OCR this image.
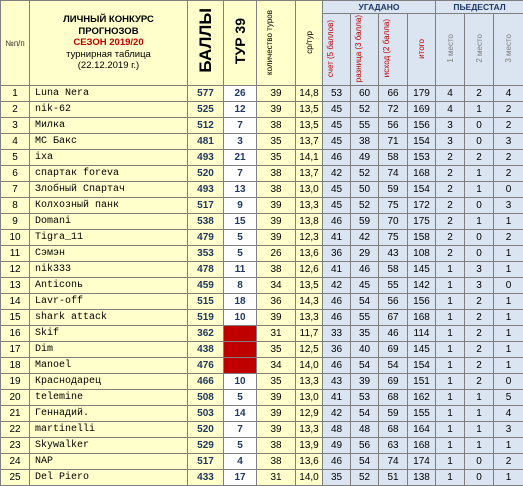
№п/п	ЛИЧНЫЙ КОНКУРС
ПРОГНОЗОВ
СЕЗОН 2019/20
турнирная таблица
(22.12.2019 г.)	БАЛЛЫ	ТУР 39	количество туров	ср/тур	УГАДАНО				ПЬЕДЕСТАЛ		
						счет (5 баллов)	разница (3 балла)	исход (2 балла)	итого	1 место	2 место	3 место
1	Luna Nera	577	26	39	14,8	53	60	66	179	4	2	4
2	nik-62	525	12	39	13,5	45	52	72	169	4	1	2
3	Милка	512	7	38	13,5	45	55	56	156	3	0	2
4	МС Бакс	481	3	35	13,7	45	38	71	154	3	0	3
5	ixa	493	21	35	14,1	46	49	58	153	2	2	2
6	спартак foreva	520	7	38	13,7	42	52	74	168	2	1	2
7	Злобный Спартач	493	13	38	13,0	45	50	59	154	2	1	0
8	Колхозный панк	517	9	39	13,3	45	52	75	172	2	0	3
9	Domani	538	15	39	13,8	46	59	70	175	2	1	1
10	Tigra_11	479	5	39	12,3	41	42	75	158	2	0	2
11	Сэмэн	353	5	26	13,6	36	29	43	108	2	0	1
12	nik333	478	11	38	12,6	41	46	58	145	1	3	1
13	Anticonь	459	8	34	13,5	42	45	55	142	1	3	0
14	Lavr-off	515	18	36	14,3	46	54	56	156	1	2	1
15	shark attack	519	10	39	13,3	46	55	67	168	1	2	1
16	Skif	362		31	11,7	33	35	46	114	1	2	1
17	Dim	438		35	12,5	36	40	69	145	1	2	1
18	Manoel	476		34	14,0	46	54	54	154	1	2	1
19	Краснодарец	466	10	35	13,3	43	39	69	151	1	2	0
20	telemine	508	5	39	13,0	41	53	68	162	1	1	5
21	Геннадий.	503	14	39	12,9	42	54	59	155	1	1	4
22	martinelli	520	7	39	13,3	48	48	68	164	1	1	3
23	Skywalker	529	5	38	13,9	49	56	63	168	1	1	1
24	NAP	517	4	38	13,6	46	54	74	174	1	0	2
25	Del Piero	433	17	31	14,0	35	52	51	138	1	0	1
